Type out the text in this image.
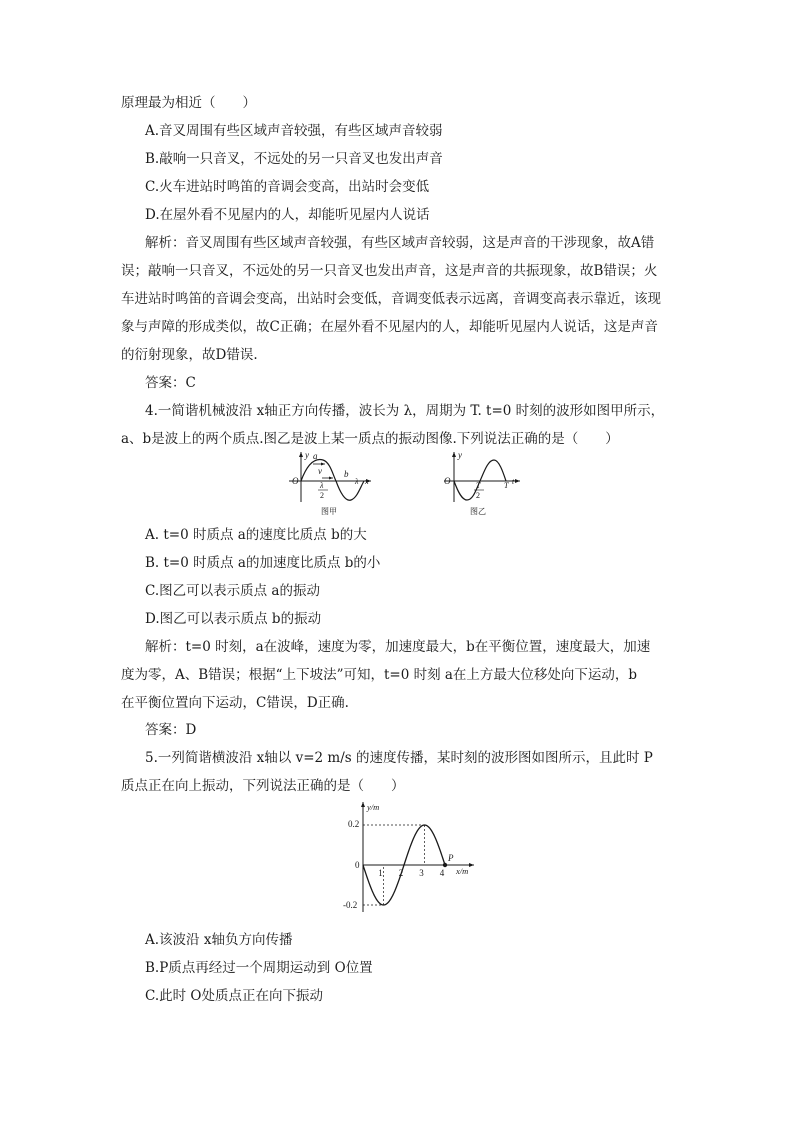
原理最为相近（　　）
A.音叉周围有些区域声音较强，有些区域声音较弱
B.敲响一只音叉，不远处的另一只音叉也发出声音
C.火车进站时鸣笛的音调会变高，出站时会变低
D.在屋外看不见屋内的人，却能听见屋内人说话
解析：音叉周围有些区域声音较强，有些区域声音较弱，这是声音的干涉现象，故A错
误；敲响一只音叉，不远处的另一只音叉也发出声音，这是声音的共振现象，故B错误；火
车进站时鸣笛的音调会变高，出站时会变低，音调变低表示远离，音调变高表示靠近，该现
象与声障的形成类似，故C正确；在屋外看不见屋内的人，却能听见屋内人说话，这是声音
的衍射现象，故D错误.
答案：C
4.一简谐机械波沿 x轴正方向传播，波长为 λ，周期为 T. t=0 时刻的波形如图甲所示，
a、b是波上的两个质点.图乙是波上某一质点的振动图像.下列说法正确的是（　　）
y a
v b
O	λ
2
λ x
图甲
y
O	T
2
T t
图乙
A. t=0 时质点 a的速度比质点 b的大
B. t=0 时质点 a的加速度比质点 b的小
C.图乙可以表示质点 a的振动
D.图乙可以表示质点 b的振动
解析：t=0 时刻，a在波峰，速度为零，加速度最大，b在平衡位置，速度最大，加速
度为零，A、B错误；根据“上下坡法”可知，t=0 时刻 a在上方最大位移处向下运动，b
在平衡位置向下运动，C错误，D正确.
答案：D
5.一列简谐横波沿 x轴以 v=2 m/s 的速度传播，某时刻的波形图如图所示，且此时 P
质点正在向上振动，下列说法正确的是（　　）
y/m
x/m
0
0.2
-0.2
1 2 3 4
P
A.该波沿 x轴负方向传播
B.P质点再经过一个周期运动到 O位置
C.此时 O处质点正在向下振动
